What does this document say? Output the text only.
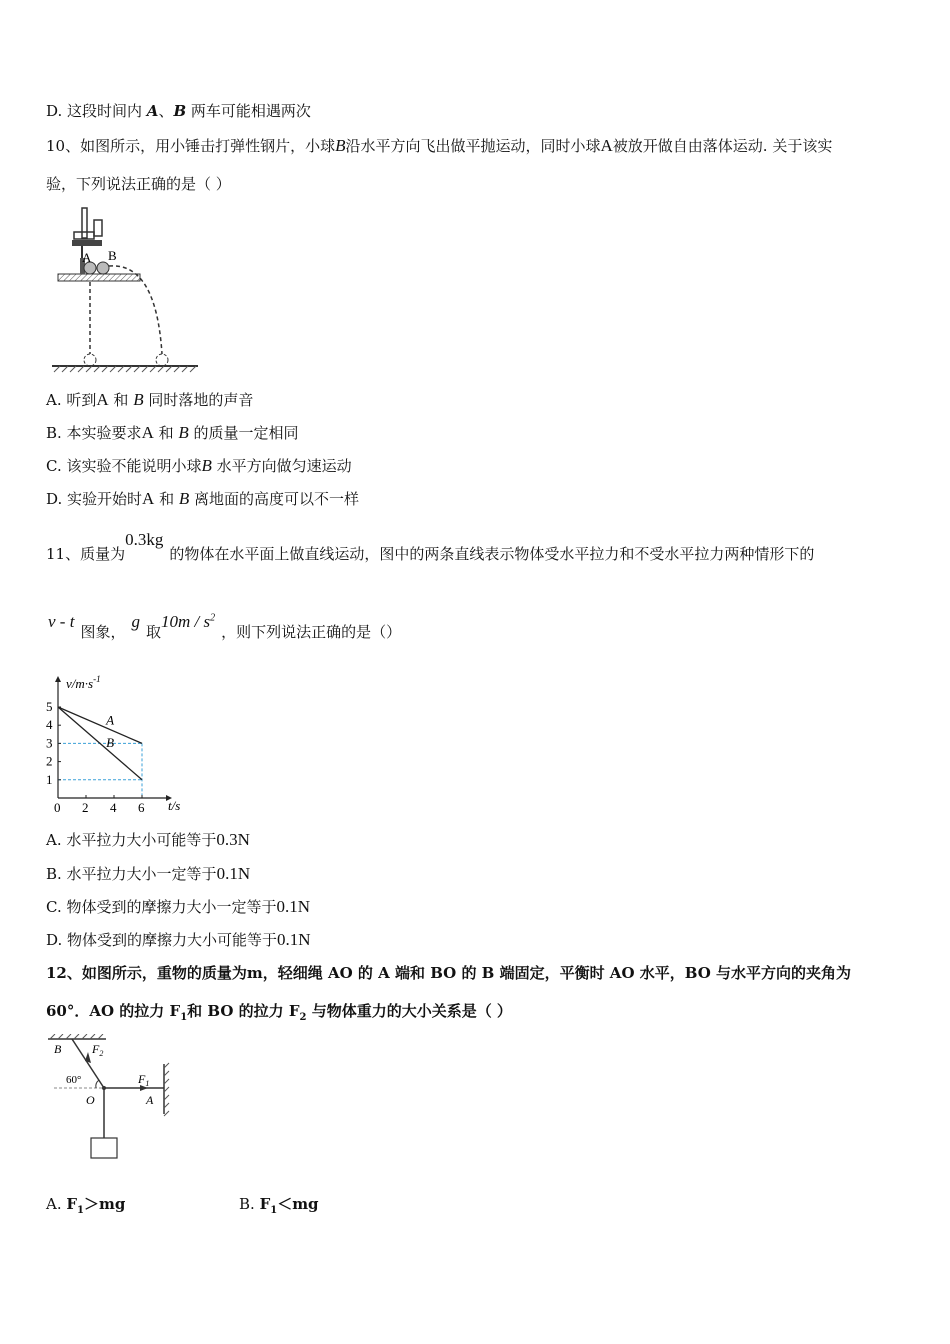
D. 这段时间内 A、B 两车可能相遇两次
10、如图所示，用小锤击打弹性钢片，小球B沿水平方向飞出做平抛运动，同时小球A被放开做自由落体运动. 关于该实
验，下列说法正确的是（ ）
A B
A. 听到A 和 B 同时落地的声音
B. 本实验要求A 和 B 的质量一定相同
C. 该实验不能说明小球B 水平方向做匀速运动
D. 实验开始时A 和 B 离地面的高度可以不一样
11、质量为0.3kg的物体在水平面上做直线运动，图中的两条直线表示物体受水平拉力和不受水平拉力两种情形下的
v - t图象，g取$10m / s^2$，则下列说法正确的是（）
A
B
0 2 4 6
1
2
3
4
5
$v/m\cdot s^{-1}$
t/s
A. 水平拉力大小可能等于0.3N
B. 水平拉力大小一定等于0.1N
C. 物体受到的摩擦力大小一定等于0.1N
D. 物体受到的摩擦力大小可能等于0.1N
12、如图所示，重物的质量为m，轻细绳 AO 的 A 端和 BO 的 B 端固定，平衡时 AO 水平，BO 与水平方向的夹角为
60°．AO 的拉力 $F_1$和 BO 的拉力 $F_2$ 与物体重力的大小关系是（ ）
B	$F_2$
60°	$F_1$
O	A
A. $F_1>mg$	B. $F_1<mg$
